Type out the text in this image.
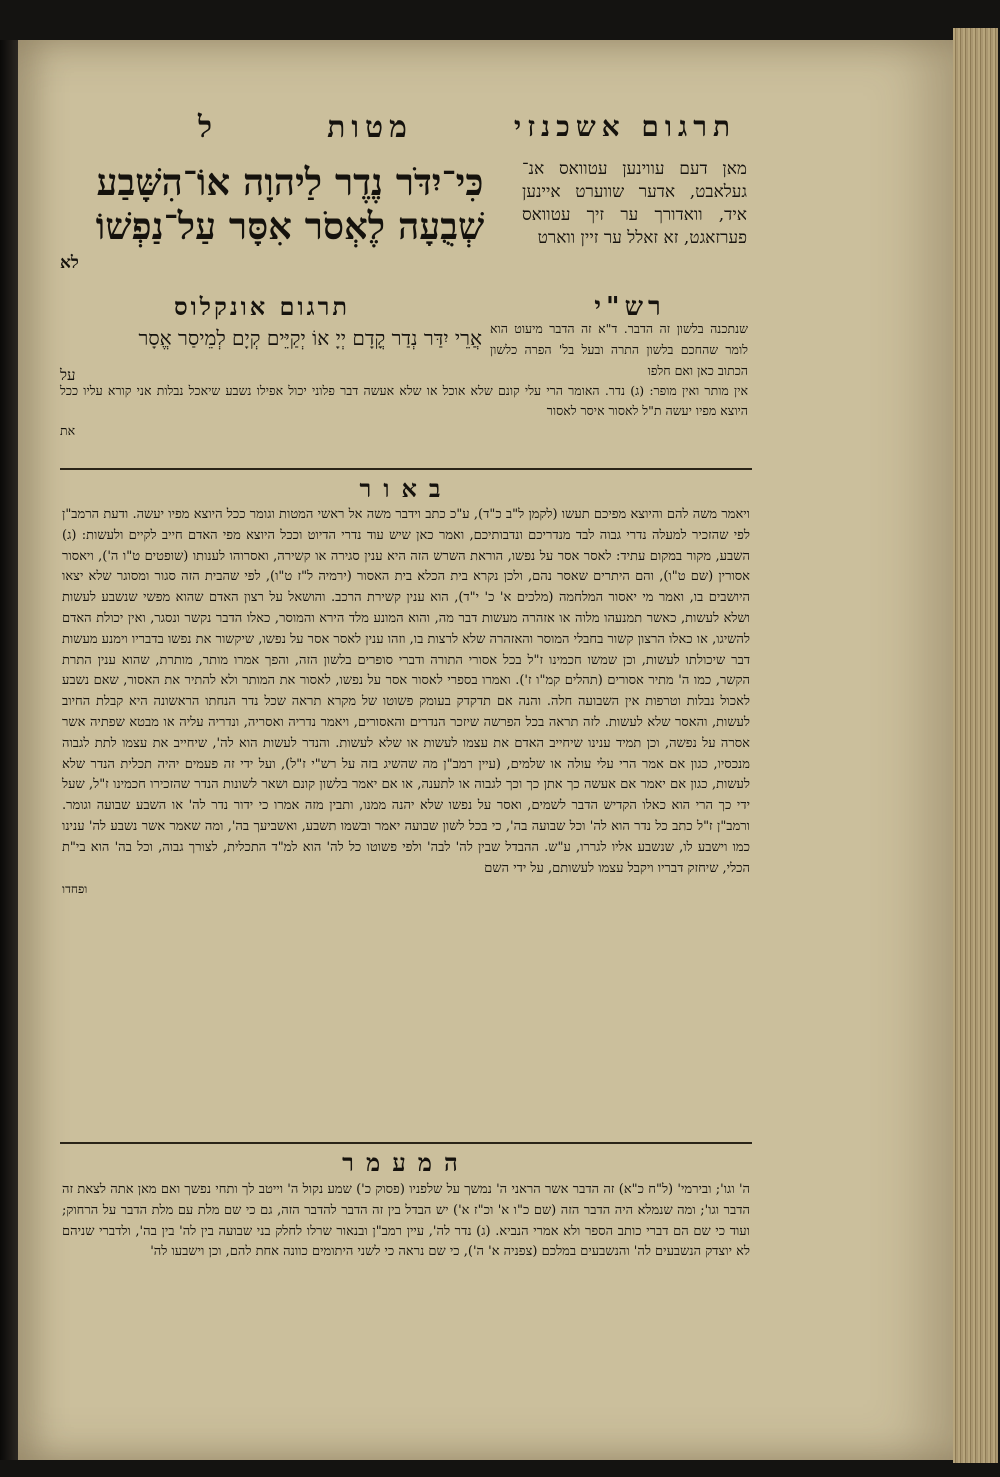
תרגום אשכנזי
מטות
ל
כִּי־יִדֹּר נֶדֶר לַיהוָה אוֹ־הִשָּׁבַע
שְׁבֻעָה לֶאְסֹר אִסָּר עַל־נַפְשׁוֹ
לא
מאן דעם עווינען עטוואס אנ־ געלאבט, אדער שווערט איינען איד, וואדורך ער זיך עטוואס פערזאגט, זא זאלל ער זיין ווארט
רש"י
תרגום אונקלוס
אֲרֵי יִדַּר נְדַר קֳדָם יְיָ אוֹ יְקַיֵּים קְיָם לְמֵיסַר אֱסָר
על
שנתכנה בלשון זה הדבר. ד"א זה הדבר מיעוט הוא לומר שהחכם בלשון התרה ובעל בל' הפרה כלשון הכתוב כאן ואם חלפו
אין מותר ואין מופר: (ג) נדר. האומר הרי עלי קונם שלא אוכל או שלא אעשה דבר פלוני יכול אפילו נשבע שיאכל נבלות אני קורא עליו ככל היוצא מפיו יעשה ת"ל לאסור איסר לאסור
את
באור
ויאמר משה להם והיוצא מפיכם תעשו (לקמן ל"ב כ"ד), ע"כ כתב וידבר משה אל ראשי המטות וגומר ככל היוצא מפיו יעשה. ודעת הרמב"ן לפי שהזכיר למעלה נדרי גבוה לבד מנדריכם ונדבותיכם, ואמר כאן שיש עוד נדרי הדיוט וככל היוצא מפי האדם חייב לקיים ולעשות: (ג) השבע, מקור במקום עתיד: לאסר אסר על נפשו, הוראת השרש הזה היא ענין סגירה או קשירה, ואסרוהו לענותו (שופטים ט"ו ה'), ויאסור אסורין (שם ט"ו), והם היתרים שאסר נהם, ולכן נקרא בית הכלא בית האסור (ירמיה ל"ז ט"ו), לפי שהבית הזה סגור ומסוגר שלא יצאו היושבים בו, ואמר מי יאסור המלחמה (מלכים א' כ' י"ד), הוא ענין קשירת הרכב. והושאל על רצון האדם שהוא מפשי שנשבע לעשות ושלא לעשות, כאשר תמנעהו מלוה או אזהרה מעשות דבר מה, והוא המונע מלד הירא והמוסר, כאלו הדבר נקשר ונסגר, ואין יכולת האדם להשיגו, או כאלו הרצון קשור בחבלי המוסר והאזהרה שלא לרצות בו, וזהו ענין לאסר אסר על נפשו, שיקשור את נפשו בדבריו וימנע מעשות דבר שיכולתו לעשות, וכן שמשו חכמינו ז"ל בכל אסורי התורה ודברי סופרים בלשון הזה, והפך אמרו מותר, מותרת, שהוא ענין התרת הקשר, כמו ה' מתיר אסורים (תהלים קמ"ו ז'). ואמרו בספרי לאסור אסר על נפשו, לאסור את המותר ולא להתיר את האסור, שאם נשבע לאכול נבלות וטרפות אין השבועה חלה. והנה אם תדקדק בעומק פשוטו של מקרא תראה שכל נדר הנחתו הראשונה היא קבלת החיוב לעשות, והאסר שלא לעשות. לזה תראה בכל הפרשה שיזכר הנדרים והאסורים, ויאמר נדריה ואסריה, ונדריה עליה או מבטא שפתיה אשר אסרה על נפשה, וכן תמיד ענינו שיחייב האדם את עצמו לעשות או שלא לעשות. והנדר לעשות הוא לה', שיחייב את עצמו לתת לגבוה מנכסיו, כגון אם אמר הרי עלי עולה או שלמים, (עיין רמב"ן מה שהשיג בזה על רש"י ז"ל), ועל ידי זה פעמים יהיה תכלית הנדר שלא לעשות, כגון אם יאמר אם אעשה כך אתן כך וכך לגבוה או לתענה, או אם יאמר בלשון קונם ושאר לשונות הנדר שהזכירו חכמינו ז"ל, שעל ידי כך הרי הוא כאלו הקדיש הדבר לשמים, ואסר על נפשו שלא יהנה ממנו, ותבין מזה אמרו כי ידור נדר לה' או השבע שבועה וגומר. ורמב"ן ז"ל כתב כל נדר הוא לה' וכל שבועה בה', כי בכל לשון שבועה יאמר ובשמו תשבע, ואשביעך בה', ומה שאמר אשר נשבע לה' ענינו כמו וישבע לו, שנשבע אליו לגררו, ע"ש. ההבדל שבין לה' לבה' ולפי פשוטו כל לה' הוא למ"ד התכלית, לצורך גבוה, וכל בה' הוא בי"ת הכלי, שיחזק דבריו ויקבל עצמו לעשותם, על ידי השם
ופחדו
המעמר
ה' וגו'; ובירמי' (ל"ח כ"א) זה הדבר אשר הראני ה' נמשך על שלפניו (פסוק כ') שמע נקול ה' וייטב לך ותחי נפשך ואם מאן אתה לצאת זה הדבר וגו'; ומה שנמלא היה הדבר הזה (שם כ"ו א' וכ"ז א') יש הבדל בין זה הדבר להדבר הזה, גם כי שם מלת עם מלת הדבר על הרחוק; ועוד כי שם הם דברי כותב הספר ולא אמרי הנביא. (ג) נדר לה', עיין רמב"ן ובנאור שרלו לחלק בני שבועה בין לה' בין בה', ולדברי שניהם לא יוצדק הנשבעים לה' והנשבעים במלכם (צפניה א' ה'), כי שם נראה כי לשני היתומים כוונה אחת להם, וכן וישבעו לה'
